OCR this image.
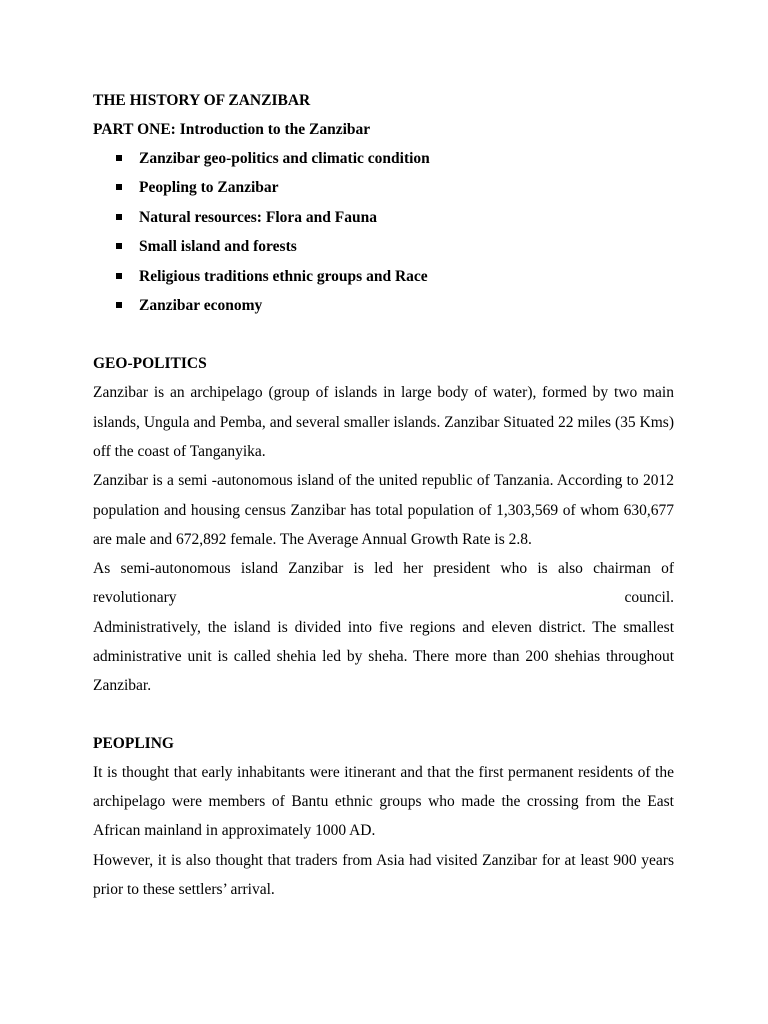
THE HISTORY OF ZANZIBAR
PART ONE: Introduction to the Zanzibar
Zanzibar geo-politics and climatic condition
Peopling to Zanzibar
Natural resources: Flora and Fauna
Small island and forests
Religious traditions ethnic groups and Race
Zanzibar economy
GEO-POLITICS

Zanzibar is an archipelago (group of islands in large body of water), formed by two main islands, Ungula and Pemba, and several smaller islands. Zanzibar Situated 22 miles (35 Kms) off the coast of Tanganyika.

Zanzibar is a semi -autonomous island of the united republic of Tanzania. According to 2012 population and housing census Zanzibar has total population of 1,303,569 of whom 630,677 are male and 672,892 female. The Average Annual Growth Rate is 2.8.

As semi-autonomous island Zanzibar is led her president who is also chairman of revolutionary council.

Administratively, the island is divided into five regions and eleven district. The smallest administrative unit is called shehia led by sheha. There more than 200 shehias throughout Zanzibar.

PEOPLING

It is thought that early inhabitants were itinerant and that the first permanent residents of the archipelago were members of Bantu ethnic groups who made the crossing from the East African mainland in approximately 1000 AD.

However, it is also thought that traders from Asia had visited Zanzibar for at least 900 years prior to these settlers’ arrival.
